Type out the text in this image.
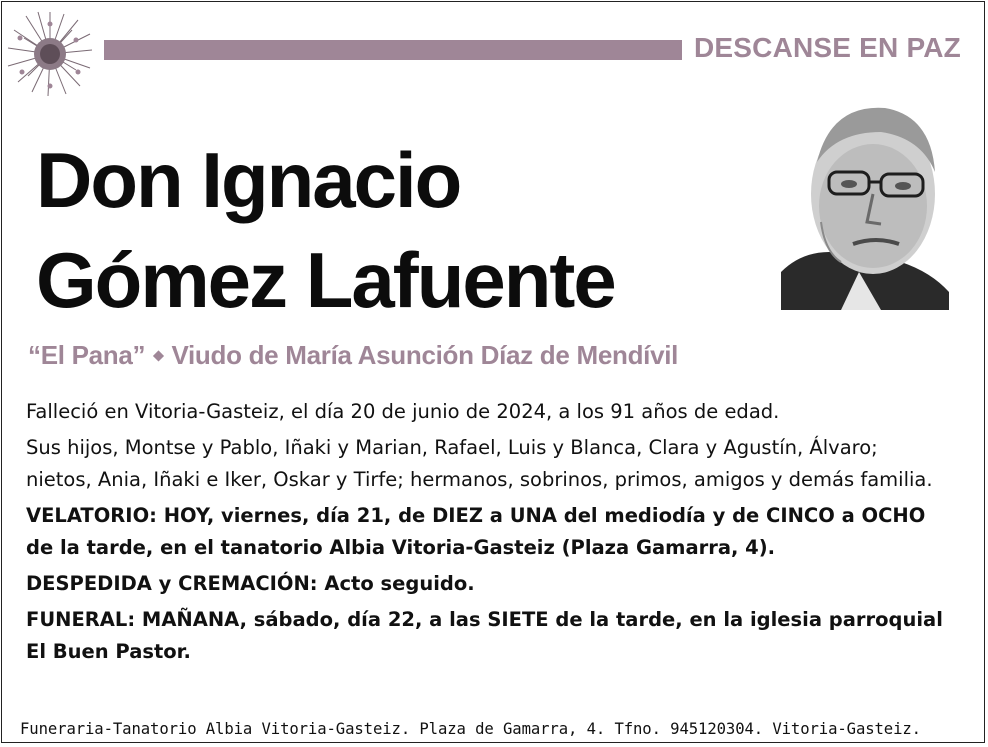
DESCANSE EN PAZ
Don Ignacio
Gómez Lafuente
“El Pana” ⬥ Viudo de María Asunción Díaz de Mendívil

Falleció en Vitoria-Gasteiz, el día 20 de junio de 2024, a los 91 años de edad.

Sus hijos, Montse y Pablo, Iñaki y Marian, Rafael, Luis y Blanca, Clara y Agustín, Álvaro; nietos, Ania, Iñaki e Iker, Oskar y Tirfe; hermanos, sobrinos, primos, amigos y demás familia.

VELATORIO: HOY, viernes, día 21, de DIEZ a UNA del mediodía y de CINCO a OCHO de la tarde, en el tanatorio Albia Vitoria-Gasteiz (Plaza Gamarra, 4).

DESPEDIDA y CREMACIÓN: Acto seguido.

FUNERAL: MAÑANA, sábado, día 22, a las SIETE de la tarde, en la iglesia parroquial El Buen Pastor.

Funeraria-Tanatorio Albia Vitoria-Gasteiz. Plaza de Gamarra, 4. Tfno. 945120304. Vitoria-Gasteiz.
